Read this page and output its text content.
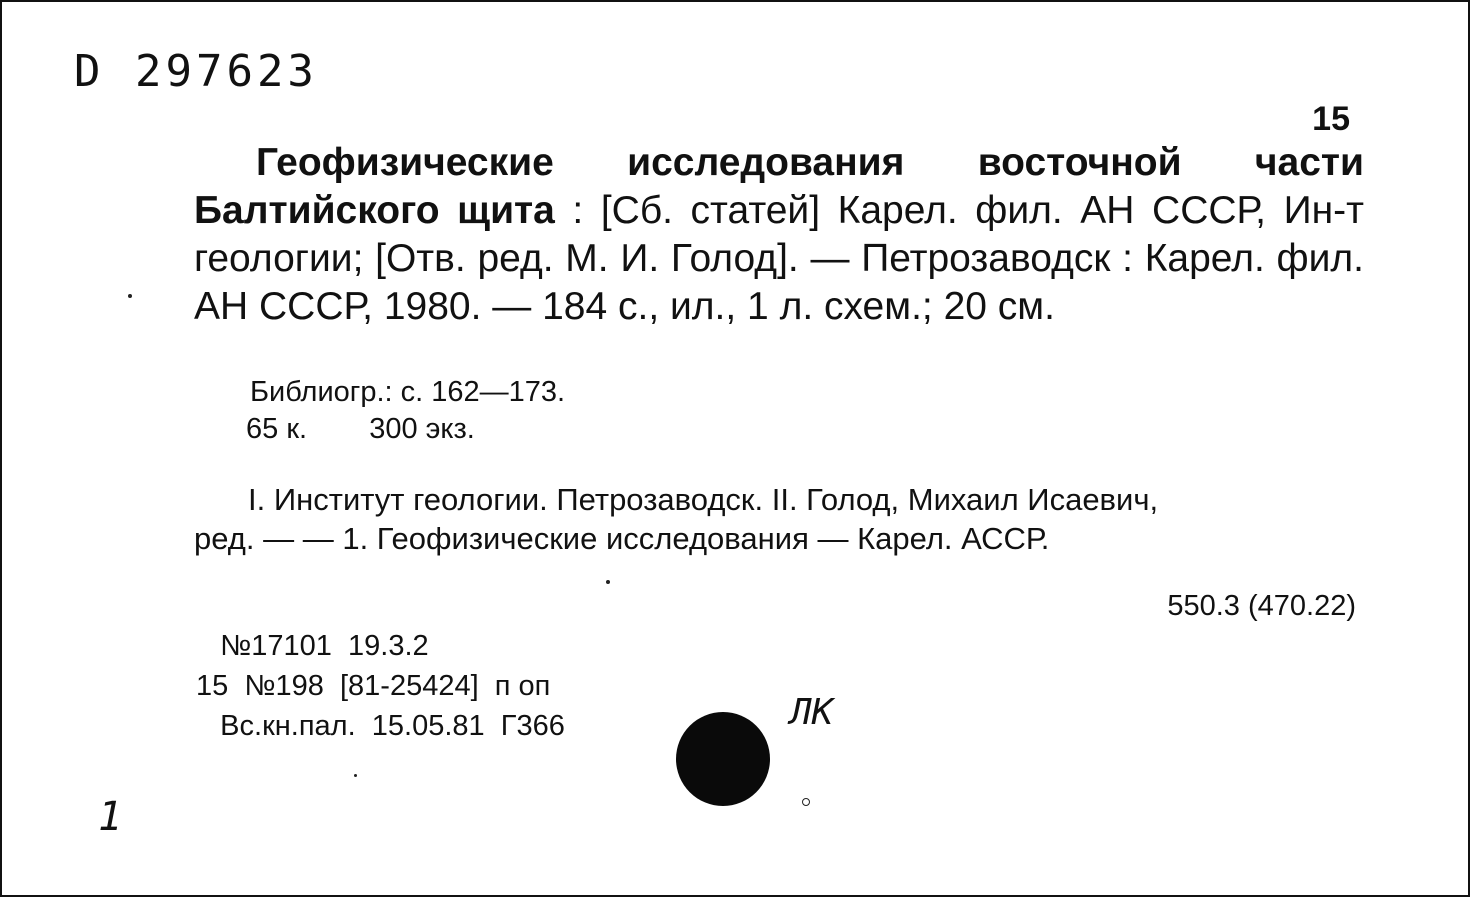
D 297623
15
Геофизические исследования восточной части Балтийского щита : [Сб. статей] Карел. фил. АН СССР, Ин-т геологии; [Отв. ред. М. И. Голод]. — Петрозаводск : Карел. фил. АН СССР, 1980. — 184 с., ил., 1 л. схем.; 20 см.
Библиогр.: с. 162—173.
65 к. 300 экз.
I. Институт геологии. Петрозаводск. II. Голод, Михаил Исаевич,
ред. — — 1. Геофизические исследования — Карел. АССР.
550.3 (470.22)
№17101  19.3.2
15  №198  [81-25424]  п оп
Вс.кн.пал.  15.05.81  Г366	ЛК
1
